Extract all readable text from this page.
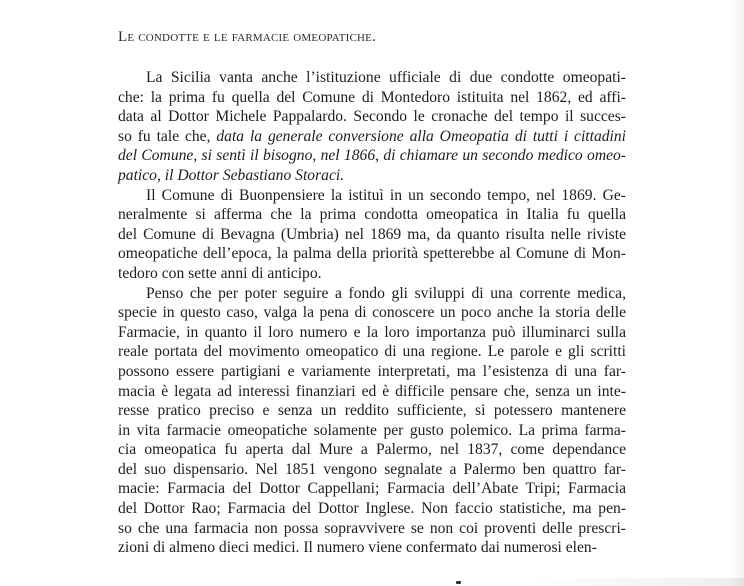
Le condotte e le farmacie omeopatiche.
La Sicilia vanta anche l’istituzione ufficiale di due condotte omeopati-
che: la prima fu quella del Comune di Montedoro istituita nel 1862, ed affi-
data al Dottor Michele Pappalardo. Secondo le cronache del tempo il succes-
so fu tale che, data la generale conversione alla Omeopatia di tutti i cittadini
del Comune, si sentì il bisogno, nel 1866, di chiamare un secondo medico omeo-
patico, il Dottor Sebastiano Storaci.
Il Comune di Buonpensiere la istituì in un secondo tempo, nel 1869. Ge-
neralmente si afferma che la prima condotta omeopatica in Italia fu quella
del Comune di Bevagna (Umbria) nel 1869 ma, da quanto risulta nelle riviste
omeopatiche dell’epoca, la palma della priorità spetterebbe al Comune di Mon-
tedoro con sette anni di anticipo.
Penso che per poter seguire a fondo gli sviluppi di una corrente medica,
specie in questo caso, valga la pena di conoscere un poco anche la storia delle
Farmacie, in quanto il loro numero e la loro importanza può illuminarci sulla
reale portata del movimento omeopatico di una regione. Le parole e gli scritti
possono essere partigiani e variamente interpretati, ma l’esistenza di una far-
macia è legata ad interessi finanziari ed è difficile pensare che, senza un inte-
resse pratico preciso e senza un reddito sufficiente, si potessero mantenere
in vita farmacie omeopatiche solamente per gusto polemico. La prima farma-
cia omeopatica fu aperta dal Mure a Palermo, nel 1837, come dependance
del suo dispensario. Nel 1851 vengono segnalate a Palermo ben quattro far-
macie: Farmacia del Dottor Cappellani; Farmacia dell’Abate Tripi; Farmacia
del Dottor Rao; Farmacia del Dottor Inglese. Non faccio statistiche, ma pen-
so che una farmacia non possa sopravvivere se non coi proventi delle prescri-
zioni di almeno dieci medici. Il numero viene confermato dai numerosi elen-
